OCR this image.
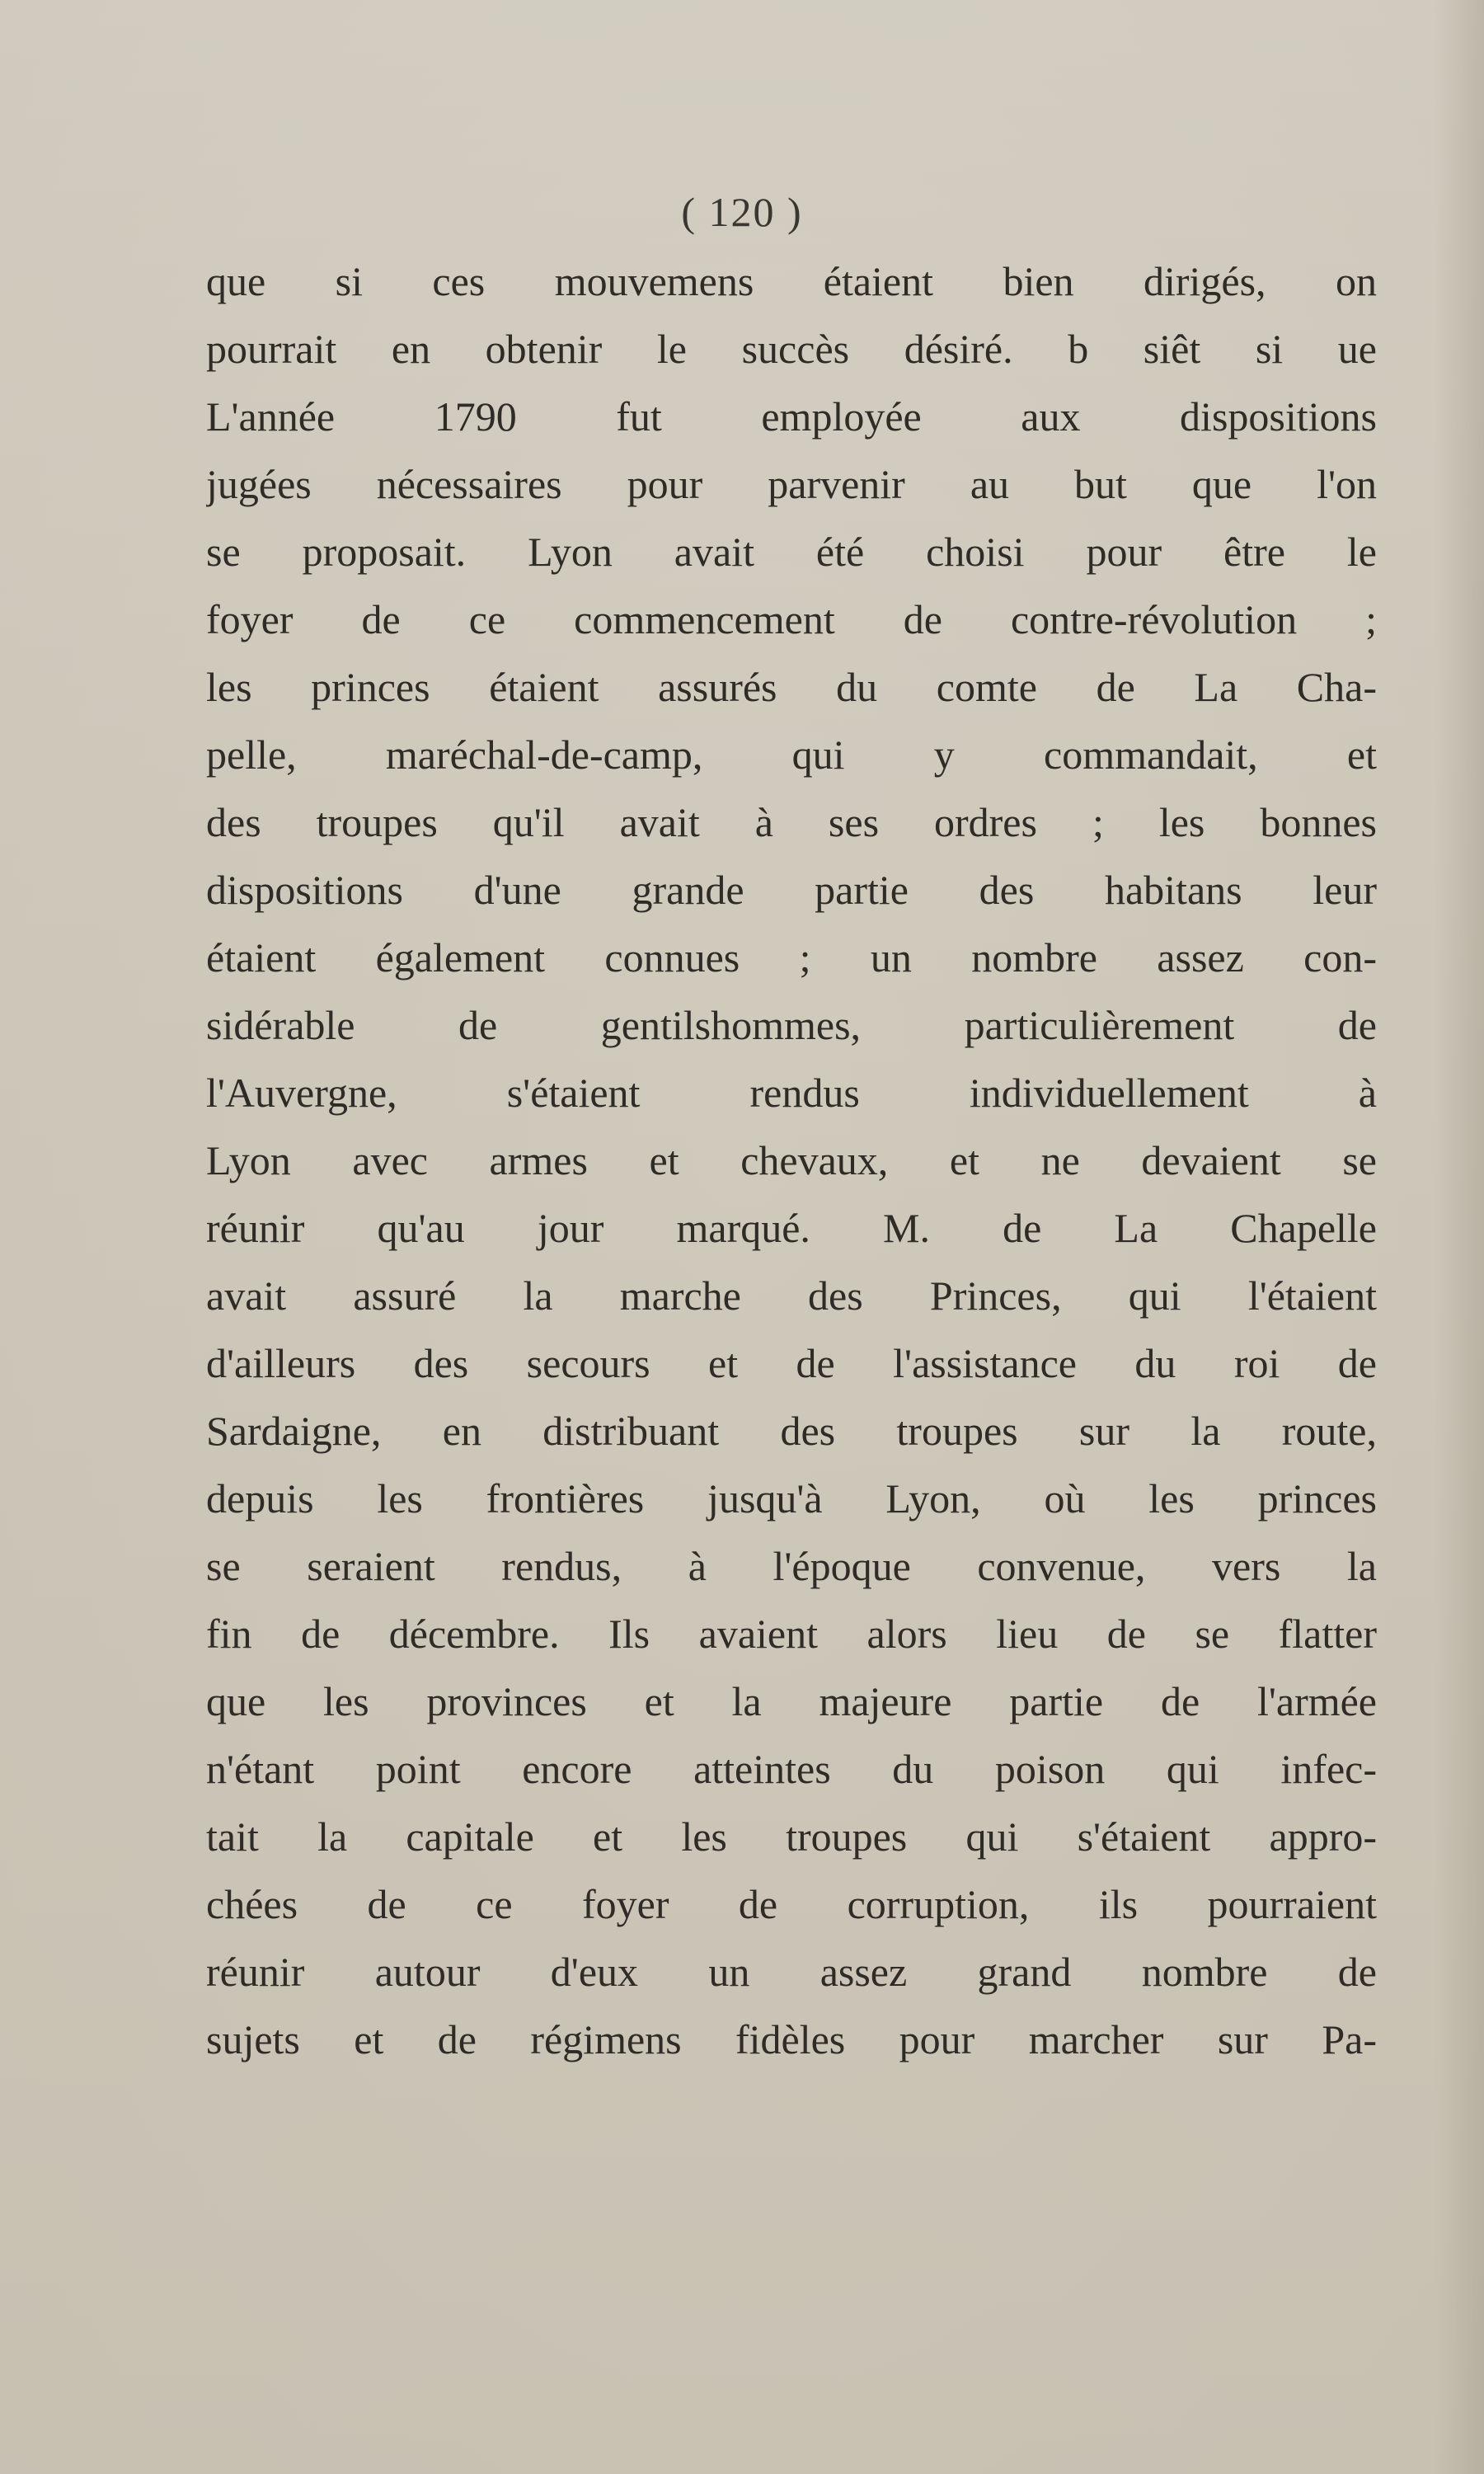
( 120 )
que si ces mouvemens étaient bien dirigés, on
pourrait en obtenir le succès désiré. b siêt si ue
L'année 1790 fut employée aux dispositions
jugées nécessaires pour parvenir au but que l'on
se proposait. Lyon avait été choisi pour être le
foyer de ce commencement de contre-révolution ;
les princes étaient assurés du comte de La Cha-
pelle, maréchal-de-camp, qui y commandait, et
des troupes qu'il avait à ses ordres ; les bonnes
dispositions d'une grande partie des habitans leur
étaient également connues ; un nombre assez con-
sidérable de gentilshommes, particulièrement de
l'Auvergne, s'étaient rendus individuellement à
Lyon avec armes et chevaux, et ne devaient se
réunir qu'au jour marqué. M. de La Chapelle
avait assuré la marche des Princes, qui l'étaient
d'ailleurs des secours et de l'assistance du roi de
Sardaigne, en distribuant des troupes sur la route,
depuis les frontières jusqu'à Lyon, où les princes
se seraient rendus, à l'époque convenue, vers la
fin de décembre. Ils avaient alors lieu de se flatter
que les provinces et la majeure partie de l'armée
n'étant point encore atteintes du poison qui infec-
tait la capitale et les troupes qui s'étaient appro-
chées de ce foyer de corruption, ils pourraient
réunir autour d'eux un assez grand nombre de
sujets et de régimens fidèles pour marcher sur Pa-
